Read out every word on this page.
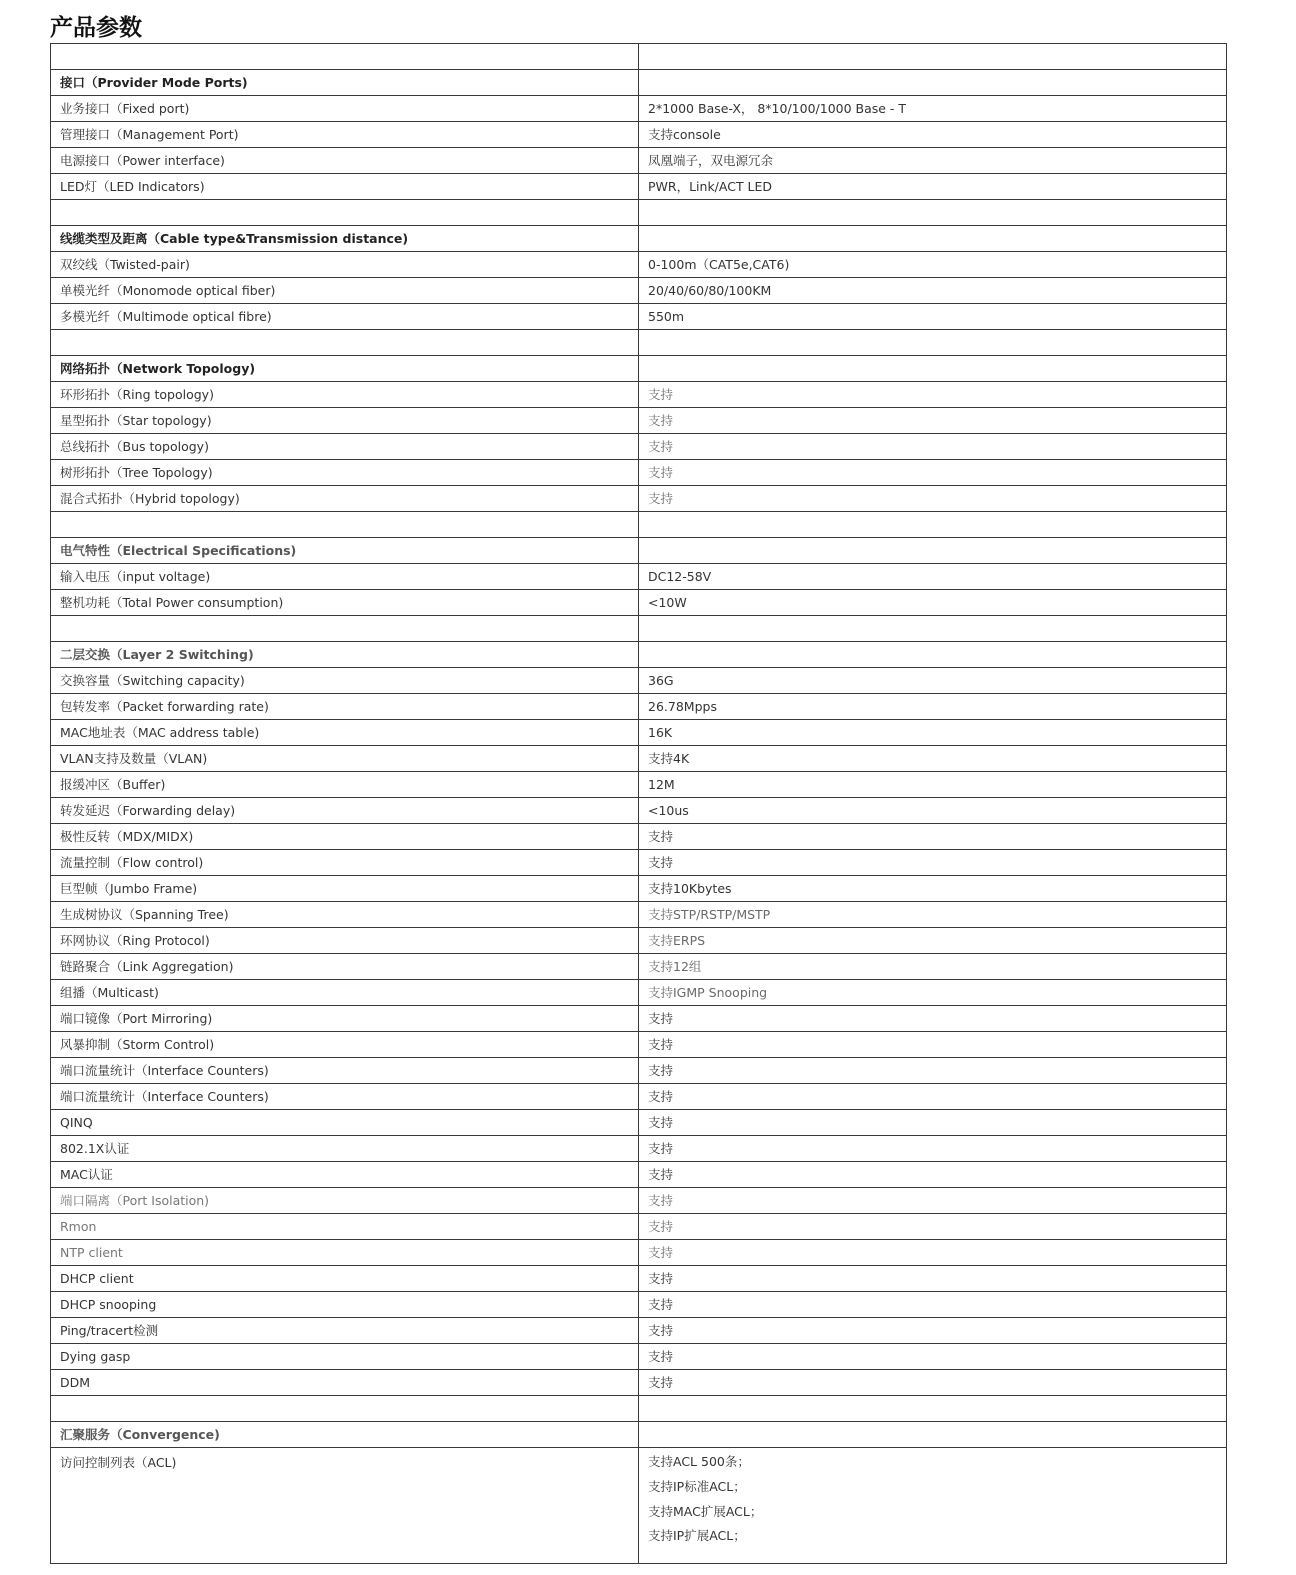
产品参数

接口（Provider Mode Ports)	
业务接口（Fixed port)	2*1000 Base-X， 8*10/100/1000 Base - T
管理接口（Management Port)	支持console
电源接口（Power interface)	凤凰端子，双电源冗余
LED灯（LED Indicators)	PWR，Link/ACT LED

线缆类型及距离（Cable type&Transmission distance)	
双绞线（Twisted-pair)	0-100m（CAT5e,CAT6)
单模光纤（Monomode optical fiber)	20/40/60/80/100KM
多模光纤（Multimode optical fibre)	550m

网络拓扑（Network Topology)	
环形拓扑（Ring topology)	支持
星型拓扑（Star topology)	支持
总线拓扑（Bus topology)	支持
树形拓扑（Tree Topology)	支持
混合式拓扑（Hybrid topology)	支持

电气特性（Electrical Specifications)	
输入电压（input voltage)	DC12-58V
整机功耗（Total Power consumption)	<10W

二层交换（Layer 2 Switching)	
交换容量（Switching capacity)	36G
包转发率（Packet forwarding rate)	26.78Mpps
MAC地址表（MAC address table)	16K
VLAN支持及数量（VLAN)	支持4K
报缓冲区（Buffer)	12M
转发延迟（Forwarding delay)	<10us
极性反转（MDX/MIDX)	支持
流量控制（Flow control)	支持
巨型帧（Jumbo Frame)	支持10Kbytes
生成树协议（Spanning Tree)	支持STP/RSTP/MSTP
环网协议（Ring Protocol)	支持ERPS
链路聚合（Link Aggregation)	支持12组
组播（Multicast)	支持IGMP Snooping
端口镜像（Port Mirroring)	支持
风暴抑制（Storm Control)	支持
端口流量统计（Interface Counters)	支持
端口流量统计（Interface Counters)	支持
QINQ	支持
802.1X认证	支持
MAC认证	支持
端口隔离（Port Isolation)	支持
Rmon	支持
NTP client	支持
DHCP client	支持
DHCP snooping	支持
Ping/tracert检测	支持
Dying gasp	支持
DDM	支持

汇聚服务（Convergence)	
访问控制列表（ACL)	支持ACL 500条；
支持IP标准ACL；
支持MAC扩展ACL；
支持IP扩展ACL；
